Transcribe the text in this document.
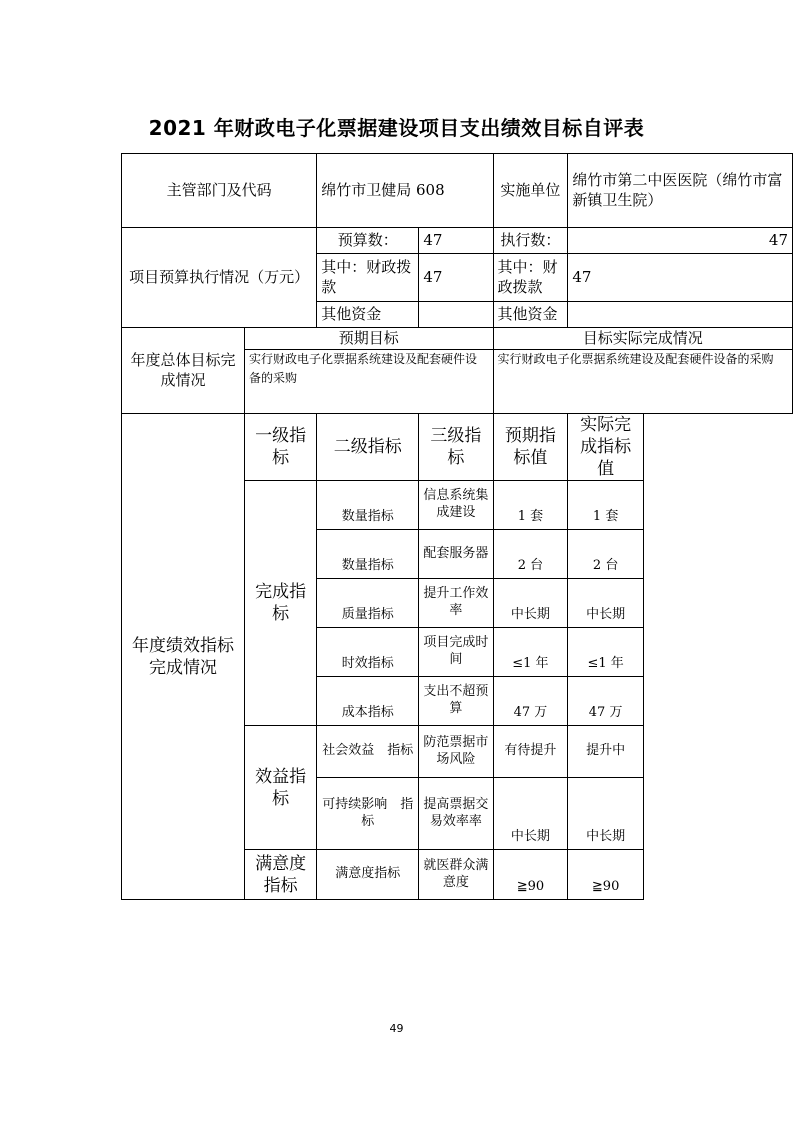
2021 年财政电子化票据建设项目支出绩效目标自评表
主管部门及代码		绵竹市卫健局 608		实施单位	绵竹市第二中医医院（绵竹市富新镇卫生院）
项目预算执行情况（万元）		预算数：	47	执行数：	47
		其中：财政拨款	47	其中：财政拨款	47
		其他资金		其他资金	
年度总体目标完成情况	预期目标			目标实际完成情况	
	实行财政电子化票据系统建设及配套硬件设备的采购			实行财政电子化票据系统建设及配套硬件设备的采购	
年度绩效指标完成情况	一级指标	二级指标	三级指标	预期指标值	实际完成指标值
	完成指标	数量指标	信息系统集成建设	1 套	1 套
		数量指标	配套服务器	2 台	2 台
		质量指标	提升工作效率	中长期	中长期
		时效指标	项目完成时间	≤1 年	≤1 年
		成本指标	支出不超预算	47 万	47 万
	效益指标	社会效益　指标	防范票据市场风险	有待提升	提升中
		可持续影响　指标	提高票据交易效率率	中长期	中长期
	满意度指标	满意度指标	就医群众满意度	≧90	≧90
49
